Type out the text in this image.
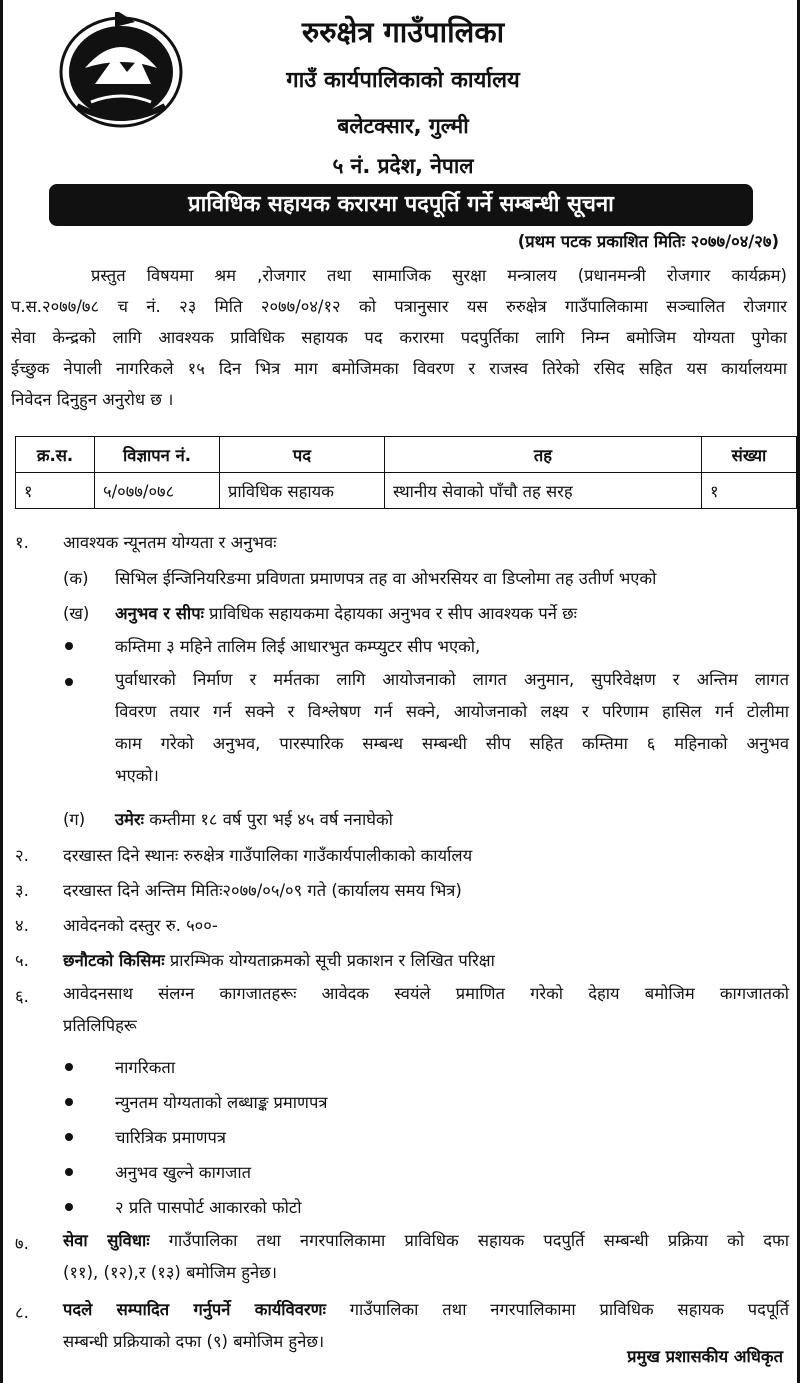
रुरुक्षेत्र गाउँपालिका
गाउँ कार्यपालिकाको कार्यालय
बलेटक्सार, गुल्मी
५ नं. प्रदेश, नेपाल
प्राविधिक सहायक करारमा पदपूर्ति गर्ने सम्बन्धी सूचना
(प्रथम पटक प्रकाशित मितिः २०७७/०४/२७)
प्रस्तुत विषयमा श्रम ,रोजगार तथा सामाजिक सुरक्षा मन्त्रालय (प्रधानमन्त्री रोजगार कार्यक्रम)
प.स.२०७७/७८ च नं. २३ मिति २०७७/०४/१२ को पत्रानुसार यस रुरुक्षेत्र गाउँपालिकामा सञ्चालित रोजगार
सेवा केन्द्रको लागि आवश्यक प्राविधिक सहायक पद करारमा पदपुर्तिका लागि निम्न बमोजिम योग्यता पुगेका
ईच्छुक नेपाली नागरिकले १५ दिन भित्र माग बमोजिमका विवरण र राजस्व तिरेको रसिद सहित यस कार्यालयमा
निवेदन दिनुहुन अनुरोध छ ।
क्र.स.	विज्ञापन नं.	पद	तह	संख्या
१	५/०७७/०७८	प्राविधिक सहायक	स्थानीय सेवाको पाँचौ तह सरह	१
१. आवश्यक न्यूनतम योग्यता र अनुभवः
(क) सिभिल ईन्जिनियरिङमा प्रविणता प्रमाणपत्र तह वा ओभरसियर वा डिप्लोमा तह उतीर्ण भएको
(ख) अनुभव र सीपः प्राविधिक सहायकमा देहायका अनुभव र सीप आवश्यक पर्ने छः
कम्तिमा ३ महिने तालिम लिई आधारभुत कम्प्युटर सीप भएको,
पुर्वाधारको निर्माण र मर्मतका लागि आयोजनाको लागत अनुमान, सुपरिवेक्षण र अन्तिम लागत
विवरण तयार गर्न सक्ने र विश्लेषण गर्न सक्ने, आयोजनाको लक्ष्य र परिणाम हासिल गर्न टोलीमा
काम गरेको अनुभव, पारस्पारिक सम्बन्ध सम्बन्धी सीप सहित कम्तिमा ६ महिनाको अनुभव
भएको।
(ग) उमेरः कम्तीमा १८ वर्ष पुरा भई ४५ वर्ष ननाघेको
२. दरखास्त दिने स्थानः रुरुक्षेत्र गाउँपालिका गाउँकार्यपालीकाको कार्यालय
३. दरखास्त दिने अन्तिम मितिः२०७७/०५/०९ गते (कार्यालय समय भित्र)
४. आवेदनको दस्तुर रु. ५००-
५. छनौटको किसिमः प्रारम्भिक योग्यताक्रमको सूची प्रकाशन र लिखित परिक्षा
६. आवेदनसाथ संलग्न कागजातहरूः आवेदक स्वयंले प्रमाणित गरेको देहाय बमोजिम कागजातको
प्रतिलिपिहरू
नागरिकता
न्युनतम योग्यताको लब्धाङ्क प्रमाणपत्र
चारित्रिक प्रमाणपत्र
अनुभव खुल्ने कागजात
२ प्रति पासपोर्ट आकारको फोटो
७. सेवा सुविधाः गाउँपालिका तथा नगरपालिकामा प्राविधिक सहायक पदपुर्ति सम्बन्धी प्रक्रिया को दफा
(११), (१२),र (१३) बमोजिम हुनेछ।
८. पदले सम्पादित गर्नुपर्ने कार्यविवरणः गाउँपालिका तथा नगरपालिकामा प्राविधिक सहायक पदपूर्ति
सम्बन्धी प्रक्रियाको दफा (९) बमोजिम हुनेछ।
प्रमुख प्रशासकीय अधिकृत
